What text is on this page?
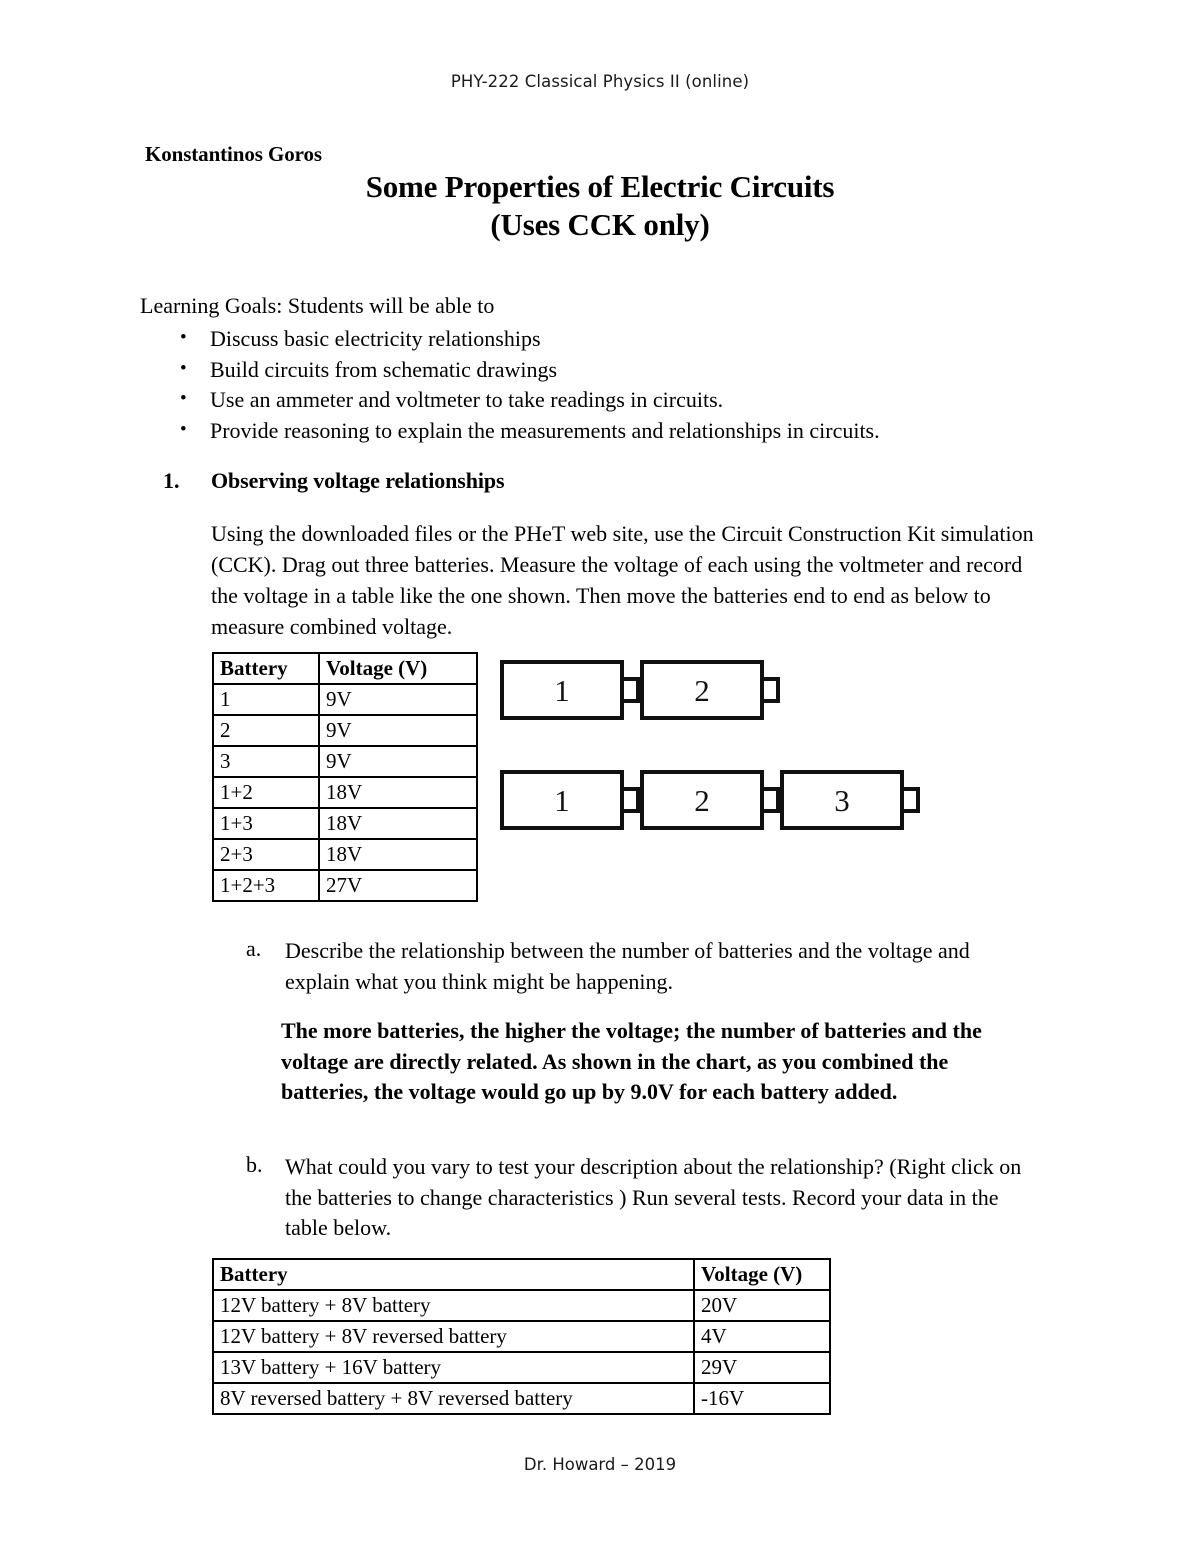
PHY-222 Classical Physics II (online)
Konstantinos Goros
Some Properties of Electric Circuits
(Uses CCK only)
Learning Goals: Students will be able to
• Discuss basic electricity relationships
• Build circuits from schematic drawings
• Use an ammeter and voltmeter to take readings in circuits.
• Provide reasoning to explain the measurements and relationships in circuits.
1. Observing voltage relationships
Using the downloaded files or the PHeT web site, use the Circuit Construction Kit simulation (CCK). Drag out three batteries. Measure the voltage of each using the voltmeter and record the voltage in a table like the one shown. Then move the batteries end to end as below to measure combined voltage.
Battery	Voltage (V)
1	9V
2	9V
3	9V
1+2	18V
1+3	18V
2+3	18V
1+2+3	27V
1	2
1	2	3
a. Describe the relationship between the number of batteries and the voltage and explain what you think might be happening.
The more batteries, the higher the voltage; the number of batteries and the voltage are directly related. As shown in the chart, as you combined the batteries, the voltage would go up by 9.0V for each battery added.
b. What could you vary to test your description about the relationship? (Right click on the batteries to change characteristics ) Run several tests. Record your data in the table below.
Battery	Voltage (V)
12V battery + 8V battery	20V
12V battery + 8V reversed battery	4V
13V battery + 16V battery	29V
8V reversed battery + 8V reversed battery	-16V
Dr. Howard – 2019
